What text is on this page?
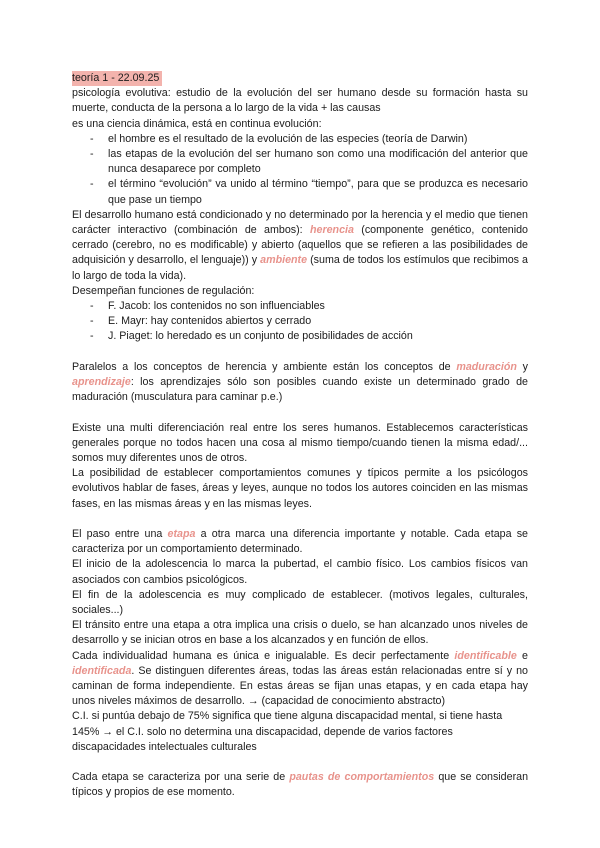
teoría 1 - 22.09.25

psicología evolutiva: estudio de la evolución del ser humano desde su formación hasta su muerte, conducta de la persona a lo largo de la vida + las causas

es una ciencia dinámica, está en continua evolución:

- el hombre es el resultado de la evolución de las especies (teoría de Darwin)
- las etapas de la evolución del ser humano son como una modificación del anterior que nunca desaparece por completo
- el término “evolución” va unido al término “tiempo”, para que se produzca es necesario que pase un tiempo

El desarrollo humano está condicionado y no determinado por la herencia y el medio que tienen carácter interactivo (combinación de ambos): herencia (componente genético, contenido cerrado (cerebro, no es modificable) y abierto (aquellos que se refieren a las posibilidades de adquisición y desarrollo, el lenguaje)) y ambiente (suma de todos los estímulos que recibimos a lo largo de toda la vida).

Desempeñan funciones de regulación:

- F. Jacob: los contenidos no son influenciables
- E. Mayr: hay contenidos abiertos y cerrado
- J. Piaget: lo heredado es un conjunto de posibilidades de acción

Paralelos a los conceptos de herencia y ambiente están los conceptos de maduración y aprendizaje: los aprendizajes sólo son posibles cuando existe un determinado grado de maduración (musculatura para caminar p.e.)

Existe una multi diferenciación real entre los seres humanos. Establecemos características generales porque no todos hacen una cosa al mismo tiempo/cuando tienen la misma edad/... somos muy diferentes unos de otros.

La posibilidad de establecer comportamientos comunes y típicos permite a los psicólogos evolutivos hablar de fases, áreas y leyes, aunque no todos los autores coinciden en las mismas fases, en las mismas áreas y en las mismas leyes.

El paso entre una etapa a otra marca una diferencia importante y notable. Cada etapa se caracteriza por un comportamiento determinado.

El inicio de la adolescencia lo marca la pubertad, el cambio físico. Los cambios físicos van asociados con cambios psicológicos.

El fin de la adolescencia es muy complicado de establecer. (motivos legales, culturales, sociales...)

El tránsito entre una etapa a otra implica una crisis o duelo, se han alcanzado unos niveles de desarrollo y se inician otros en base a los alcanzados y en función de ellos.

Cada individualidad humana es única e inigualable. Es decir perfectamente identificable e identificada. Se distinguen diferentes áreas, todas las áreas están relacionadas entre sí y no caminan de forma independiente. En estas áreas se fijan unas etapas, y en cada etapa hay unos niveles máximos de desarrollo. → (capacidad de conocimiento abstracto)

C.I. si puntúa debajo de 75% significa que tiene alguna discapacidad mental, si tiene hasta 145% → el C.I. solo no determina una discapacidad, depende de varios factores discapacidades intelectuales culturales

Cada etapa se caracteriza por una serie de pautas de comportamientos que se consideran típicos y propios de ese momento.
